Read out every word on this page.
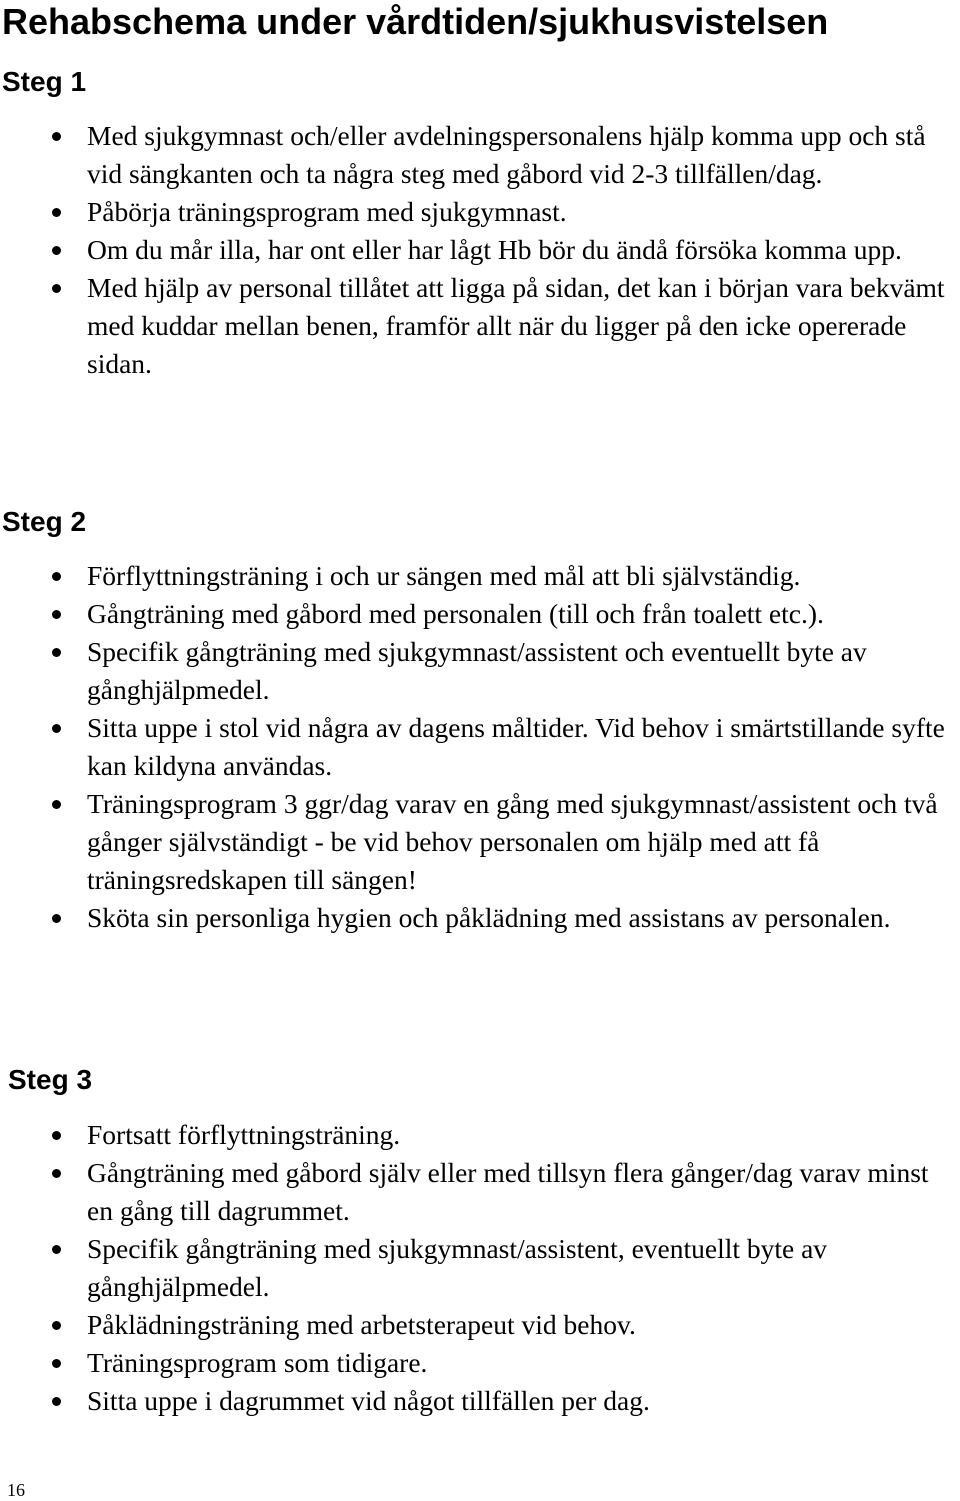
Rehabschema under vårdtiden/sjukhusvistelsen
Steg 1
Med sjukgymnast och/eller avdelningspersonalens hjälp komma upp och stå vid sängkanten och ta några steg med gåbord vid 2-3 tillfällen/dag.
Påbörja träningsprogram med sjukgymnast.
Om du mår illa, har ont eller har lågt Hb bör du ändå försöka komma upp.
Med hjälp av personal tillåtet att ligga på sidan, det kan i början vara bekvämt med kuddar mellan benen, framför allt när du ligger på den icke opererade sidan.
Steg 2
Förflyttningsträning i och ur sängen med mål att bli självständig.
Gångträning med gåbord med personalen (till och från toalett etc.).
Specifik gångträning med sjukgymnast/assistent och eventuellt byte av gånghjälpmedel.
Sitta uppe i stol vid några av dagens måltider. Vid behov i smärtstillande syfte kan kildyna användas.
Träningsprogram 3 ggr/dag varav en gång med sjukgymnast/assistent och två gånger självständigt - be vid behov personalen om hjälp med att få träningsredskapen till sängen!
Sköta sin personliga hygien och påklädning med assistans av personalen.
Steg 3
Fortsatt förflyttningsträning.
Gångträning med gåbord själv eller med tillsyn flera gånger/dag varav minst en gång till dagrummet.
Specifik gångträning med sjukgymnast/assistent, eventuellt byte av gånghjälpmedel.
Påklädningsträning med arbetsterapeut vid behov.
Träningsprogram som tidigare.
Sitta uppe i dagrummet vid något tillfällen per dag.

16
